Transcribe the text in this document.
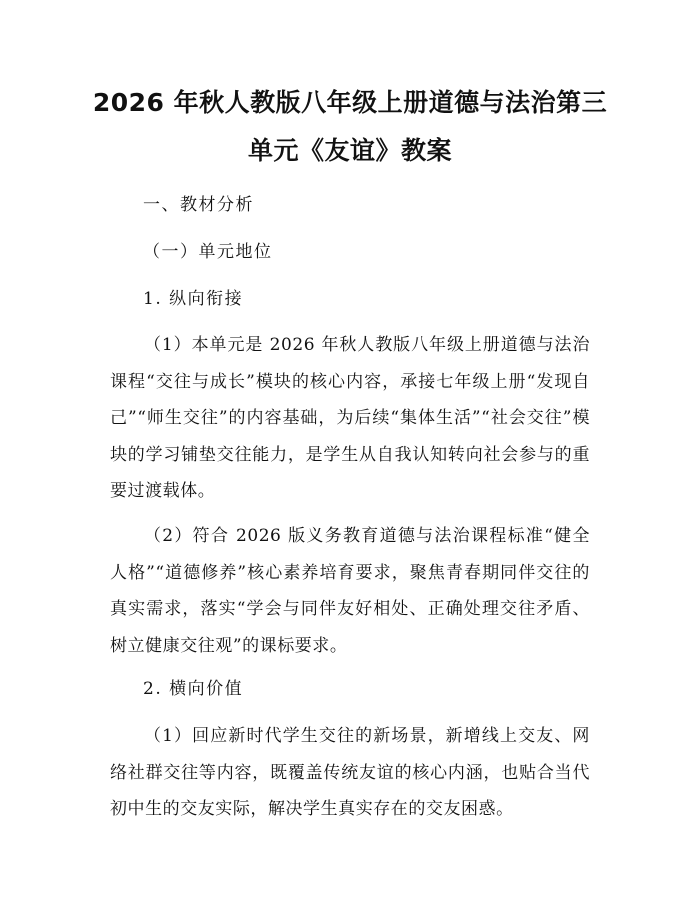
2026 年秋人教版八年级上册道德与法治第三
单元《友谊》教案

一、教材分析

（一）单元地位

1. 纵向衔接

（1）本单元是 2026 年秋人教版八年级上册道德与法治课程“交往与成长”模块的核心内容，承接七年级上册“发现自己”“师生交往”的内容基础，为后续“集体生活”“社会交往”模块的学习铺垫交往能力，是学生从自我认知转向社会参与的重要过渡载体。

（2）符合 2026 版义务教育道德与法治课程标准“健全人格”“道德修养”核心素养培育要求，聚焦青春期同伴交往的真实需求，落实“学会与同伴友好相处、正确处理交往矛盾、树立健康交往观”的课标要求。

2. 横向价值

（1）回应新时代学生交往的新场景，新增线上交友、网络社群交往等内容，既覆盖传统友谊的核心内涵，也贴合当代初中生的交友实际，解决学生真实存在的交友困惑。
